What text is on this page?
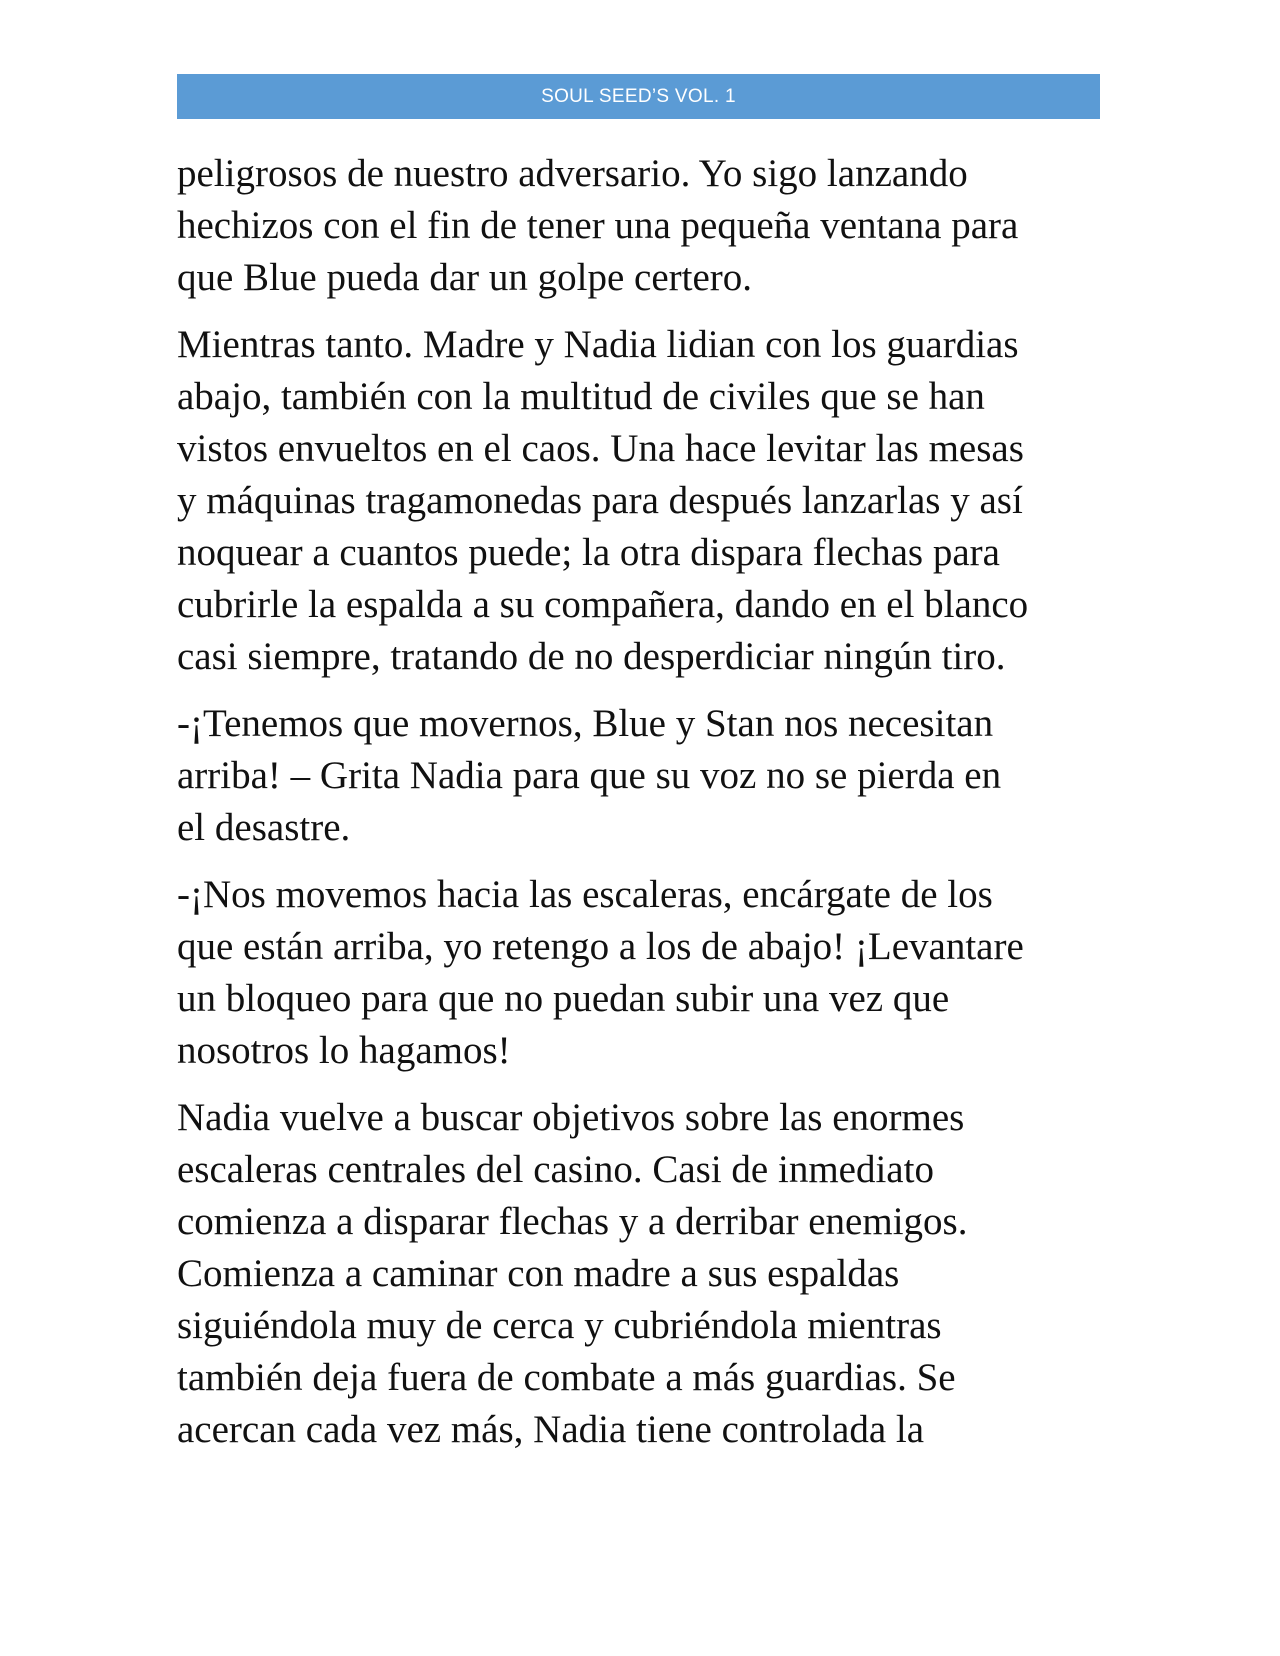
SOUL SEED’S VOL. 1

peligrosos de nuestro adversario. Yo sigo lanzando
hechizos con el fin de tener una pequeña ventana para
que Blue pueda dar un golpe certero.

Mientras tanto. Madre y Nadia lidian con los guardias
abajo, también con la multitud de civiles que se han
vistos envueltos en el caos. Una hace levitar las mesas
y máquinas tragamonedas para después lanzarlas y así
noquear a cuantos puede; la otra dispara flechas para
cubrirle la espalda a su compañera, dando en el blanco
casi siempre, tratando de no desperdiciar ningún tiro.

-¡Tenemos que movernos, Blue y Stan nos necesitan
arriba! – Grita Nadia para que su voz no se pierda en
el desastre.

-¡Nos movemos hacia las escaleras, encárgate de los
que están arriba, yo retengo a los de abajo! ¡Levantare
un bloqueo para que no puedan subir una vez que
nosotros lo hagamos!

Nadia vuelve a buscar objetivos sobre las enormes
escaleras centrales del casino. Casi de inmediato
comienza a disparar flechas y a derribar enemigos.
Comienza a caminar con madre a sus espaldas
siguiéndola muy de cerca y cubriéndola mientras
también deja fuera de combate a más guardias. Se
acercan cada vez más, Nadia tiene controlada la
